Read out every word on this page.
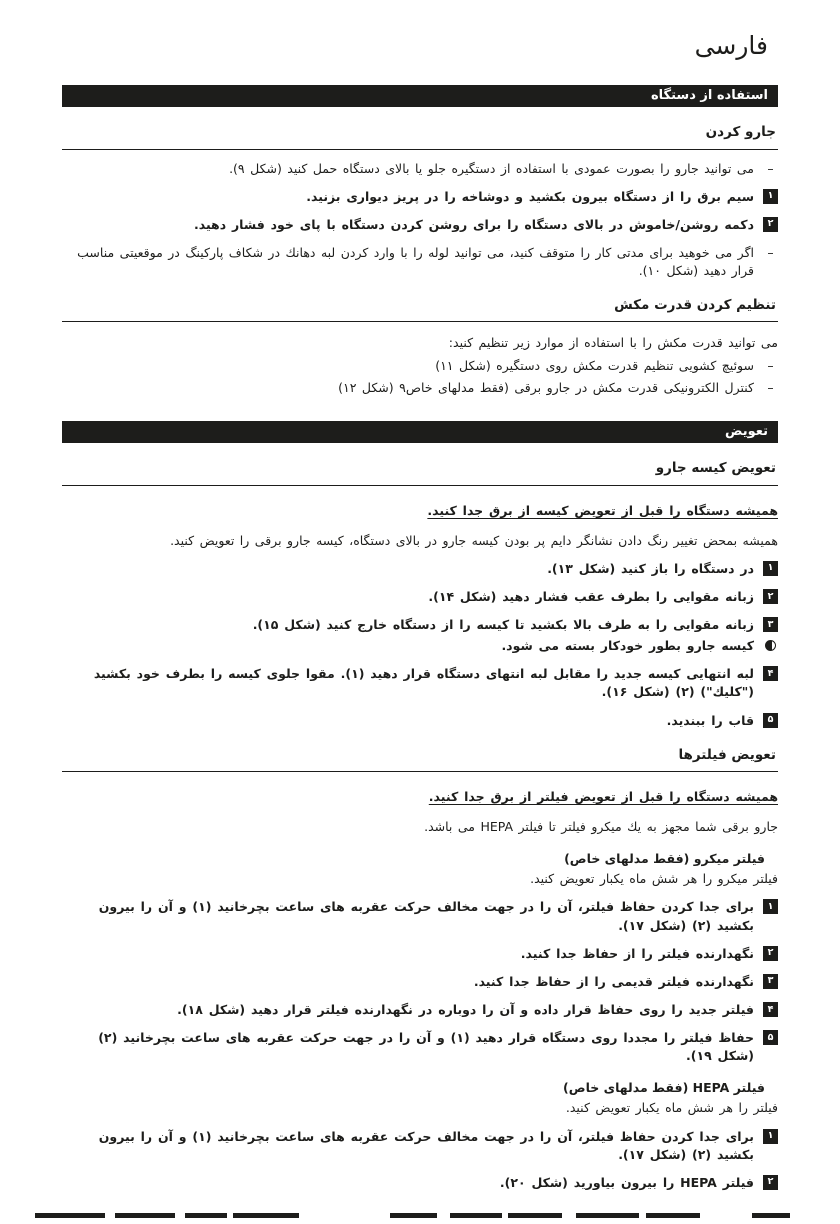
فارسی
استفاده از دستگاه
جارو کردن
–

می توانید جارو را بصورت عمودی با استفاده از دستگیره جلو یا بالای دستگاه حمل کنید (شکل ۹).

۱

سیم برق را از دستگاه بیرون بکشید و دوشاخه را در پریز دیواری بزنید.

۲

دکمه روشن/خاموش در بالای دستگاه را برای روشن کردن دستگاه با پای خود فشار دهید.

–

اگر می خوهید برای مدتی کار را متوقف کنید، می توانید لوله را با وارد کردن لبه دهانك در شکاف پارکینگ در موقعیتی مناسب قرار دهید (شکل ۱۰).

تنظیم کردن قدرت مکش

می توانید قدرت مکش را با استفاده از موارد زیر تنظیم کنید:

–

سوئیچ کشویی تنظیم قدرت مکش روی دستگیره (شکل ۱۱)

–

کنترل الکترونیکی قدرت مکش در جارو برقی (فقط مدلهای خاص۹ (شکل ۱۲)

تعویض
تعویض کیسه جارو

همیشه دستگاه را قبل از تعویض کیسه از برق جدا کنید.

همیشه بمحض تغییر رنگ دادن نشانگر دایم پر بودن کیسه جارو در بالای دستگاه، کیسه جارو برقی را تعویض کنید.

۱

در دستگاه را باز کنید (شکل ۱۳).

۲

زبانه مقوایی را بطرف عقب فشار دهید (شکل ۱۴).

۳

زبانه مقوایی را به طرف بالا بکشید تا کیسه را از دستگاه خارج کنید (شکل ۱۵).

کیسه جارو بطور خودکار بسته می شود.

۴

لبه انتهایی کیسه جدید را مقابل لبه انتهای دستگاه قرار دهید (۱). مقوا جلوی کیسه را بطرف خود بکشید ("کلیك") (۲) (شکل ۱۶).

۵

قاب را ببندید.

تعویض فیلترها

همیشه دستگاه را قبل از تعویض فیلتر از برق جدا کنید.

جارو برقی شما مجهز به یك میکرو فیلتر تا فیلتر HEPA می باشد.

فیلتر میکرو (فقط مدلهای خاص)

فیلتر میکرو را هر شش ماه یکبار تعویض کنید.

۱

برای جدا کردن حفاظ فیلتر، آن را در جهت مخالف حرکت عقربه های ساعت بچرخانید (۱) و آن را بیرون بکشید (۲) (شکل ۱۷).

۲

نگهدارنده فیلتر را از حفاظ جدا کنید.

۳

نگهدارنده فیلتر قدیمی را از حفاظ جدا کنید.

۴

فیلتر جدید را روی حفاظ قرار داده و آن را دوباره در نگهدارنده فیلتر قرار دهید (شکل ۱۸).

۵

حفاظ فیلتر را مجددا روی دستگاه قرار دهید (۱) و آن را در جهت حرکت عقربه های ساعت بچرخانید (۲) (شکل ۱۹).

فیلتر HEPA (فقط مدلهای خاص)

فیلتر را هر شش ماه یکبار تعویض کنید.

۱

برای جدا کردن حفاظ فیلتر، آن را در جهت مخالف حرکت عقربه های ساعت بچرخانید (۱) و آن را بیرون بکشید (۲) (شکل ۱۷).

۲

فیلتر HEPA را بیرون بیاورید (شکل ۲۰).
